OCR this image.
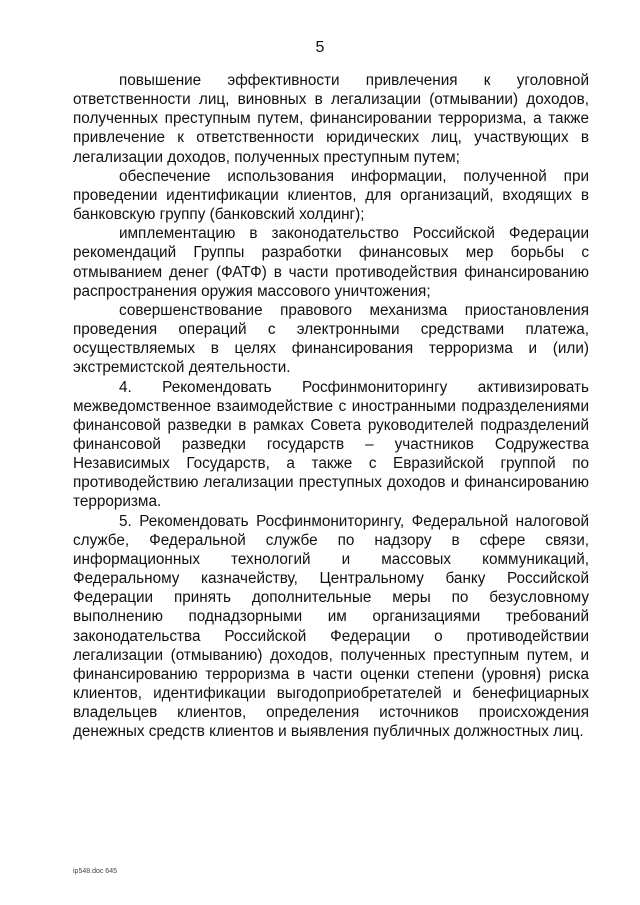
5

повышение эффективности привлечения к уголовной ответственности лиц, виновных в легализации (отмывании) доходов, полученных преступным путем, финансировании терроризма, а также привлечение к ответственности юридических лиц, участвующих в легализации доходов, полученных преступным путем;

обеспечение использования информации, полученной при проведении идентификации клиентов, для организаций, входящих в банковскую группу (банковский холдинг);

имплементацию в законодательство Российской Федерации рекомендаций Группы разработки финансовых мер борьбы с отмыванием денег (ФАТФ) в части противодействия финансированию распространения оружия массового уничтожения;

совершенствование правового механизма приостановления проведения операций с электронными средствами платежа, осуществляемых в целях финансирования терроризма и (или) экстремистской деятельности.

4. Рекомендовать Росфинмониторингу активизировать межведомственное взаимодействие с иностранными подразделениями финансовой разведки в рамках Совета руководителей подразделений финансовой разведки государств – участников Содружества Независимых Государств, а также с Евразийской группой по противодействию легализации преступных доходов и финансированию терроризма.

5. Рекомендовать Росфинмониторингу, Федеральной налоговой службе, Федеральной службе по надзору в сфере связи, информационных технологий и массовых коммуникаций, Федеральному казначейству, Центральному банку Российской Федерации принять дополнительные меры по безусловному выполнению поднадзорными им организациями требований законодательства Российской Федерации о противодействии легализации (отмыванию) доходов, полученных преступным путем, и финансированию терроризма в части оценки степени (уровня) риска клиентов, идентификации выгодоприобретателей и бенефициарных владельцев клиентов, определения источников происхождения денежных средств клиентов и выявления публичных должностных лиц.

ip548.doc 645
